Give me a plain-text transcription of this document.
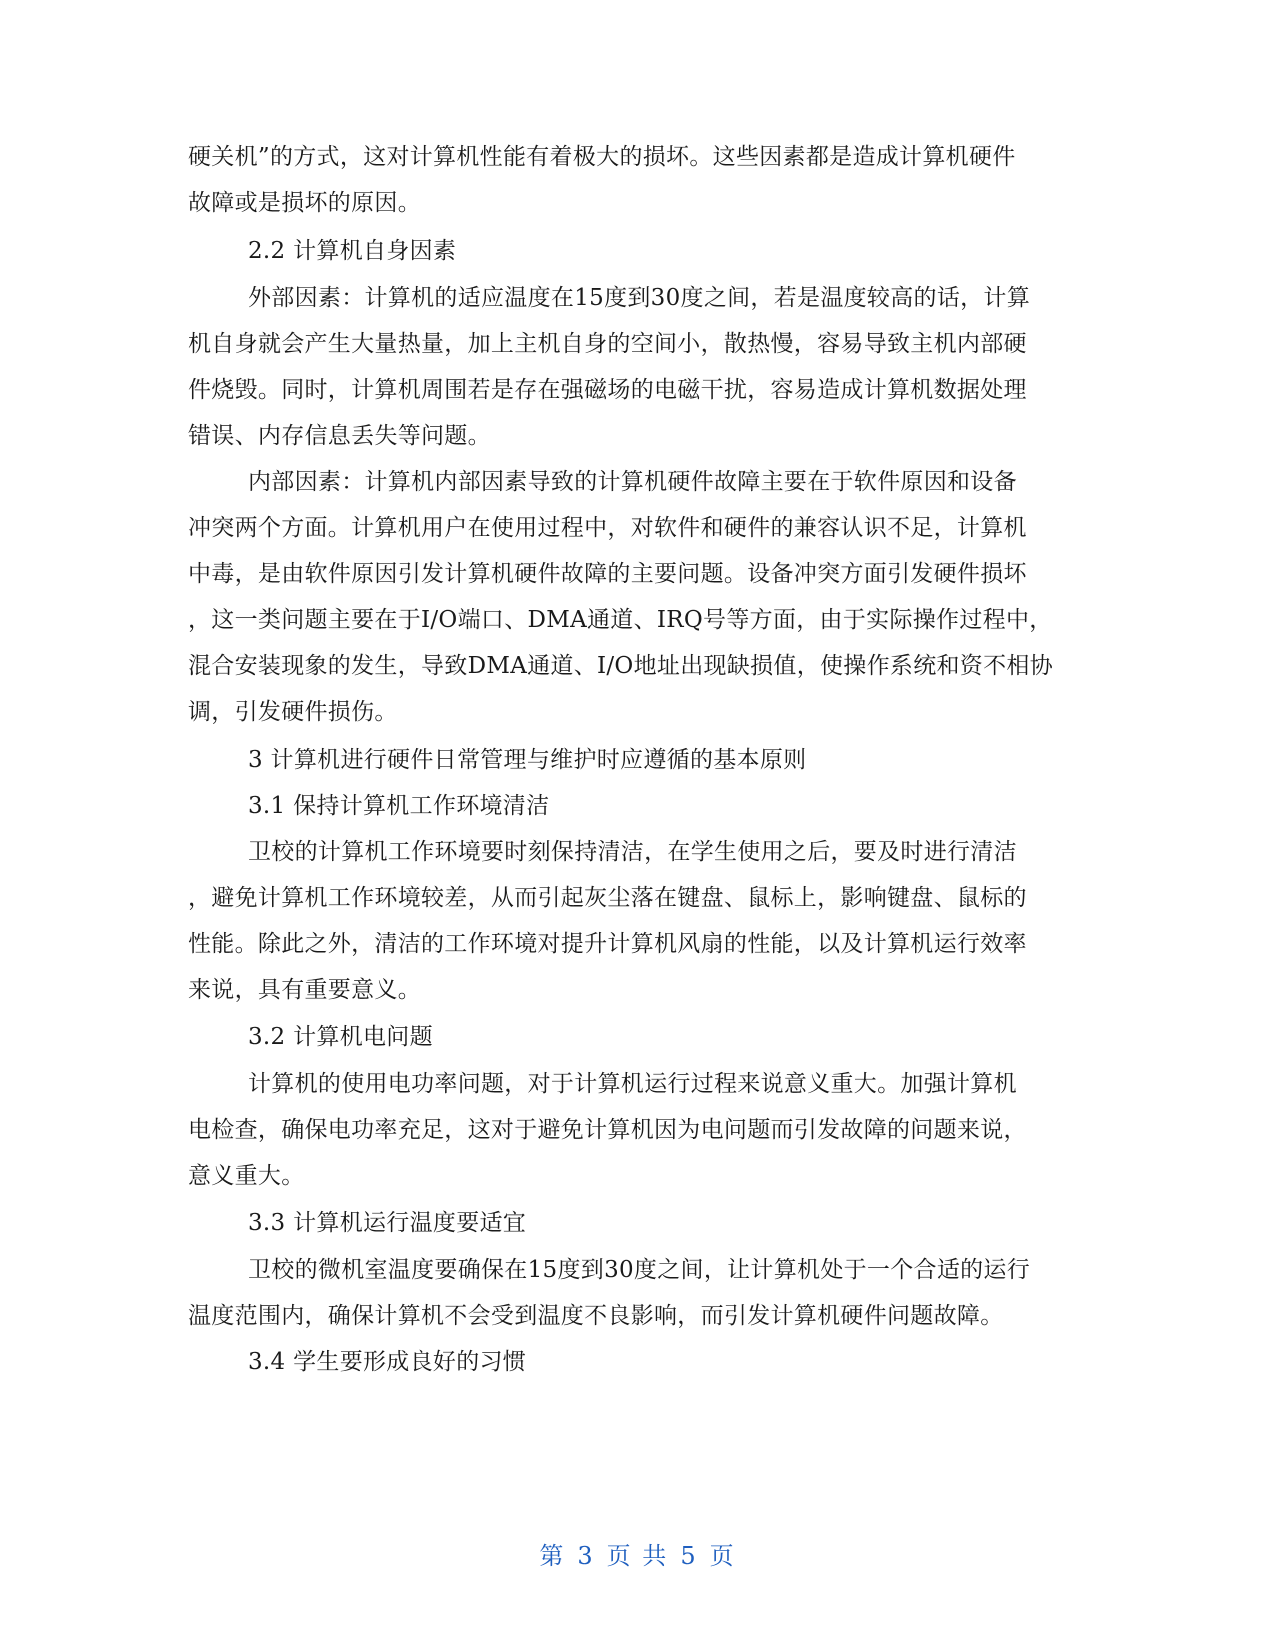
硬关机”的方式，这对计算机性能有着极大的损坏。这些因素都是造成计算机硬件
故障或是损坏的原因。
2.2 计算机自身因素
外部因素：计算机的适应温度在15度到30度之间，若是温度较高的话，计算
机自身就会产生大量热量，加上主机自身的空间小，散热慢，容易导致主机内部硬
件烧毁。同时，计算机周围若是存在强磁场的电磁干扰，容易造成计算机数据处理
错误、内存信息丢失等问题。
内部因素：计算机内部因素导致的计算机硬件故障主要在于软件原因和设备
冲突两个方面。计算机用户在使用过程中，对软件和硬件的兼容认识不足，计算机
中毒，是由软件原因引发计算机硬件故障的主要问题。设备冲突方面引发硬件损坏
，这一类问题主要在于I/O端口、DMA通道、IRQ号等方面，由于实际操作过程中，
混合安装现象的发生，导致DMA通道、I/O地址出现缺损值，使操作系统和资不相协
调，引发硬件损伤。
3 计算机进行硬件日常管理与维护时应遵循的基本原则
3.1 保持计算机工作环境清洁
卫校的计算机工作环境要时刻保持清洁，在学生使用之后，要及时进行清洁
，避免计算机工作环境较差，从而引起灰尘落在键盘、鼠标上，影响键盘、鼠标的
性能。除此之外，清洁的工作环境对提升计算机风扇的性能，以及计算机运行效率
来说，具有重要意义。
3.2 计算机电问题
计算机的使用电功率问题，对于计算机运行过程来说意义重大。加强计算机
电检查，确保电功率充足，这对于避免计算机因为电问题而引发故障的问题来说，
意义重大。
3.3 计算机运行温度要适宜
卫校的微机室温度要确保在15度到30度之间，让计算机处于一个合适的运行
温度范围内，确保计算机不会受到温度不良影响，而引发计算机硬件问题故障。
3.4 学生要形成良好的习惯
第 3 页 共 5 页
